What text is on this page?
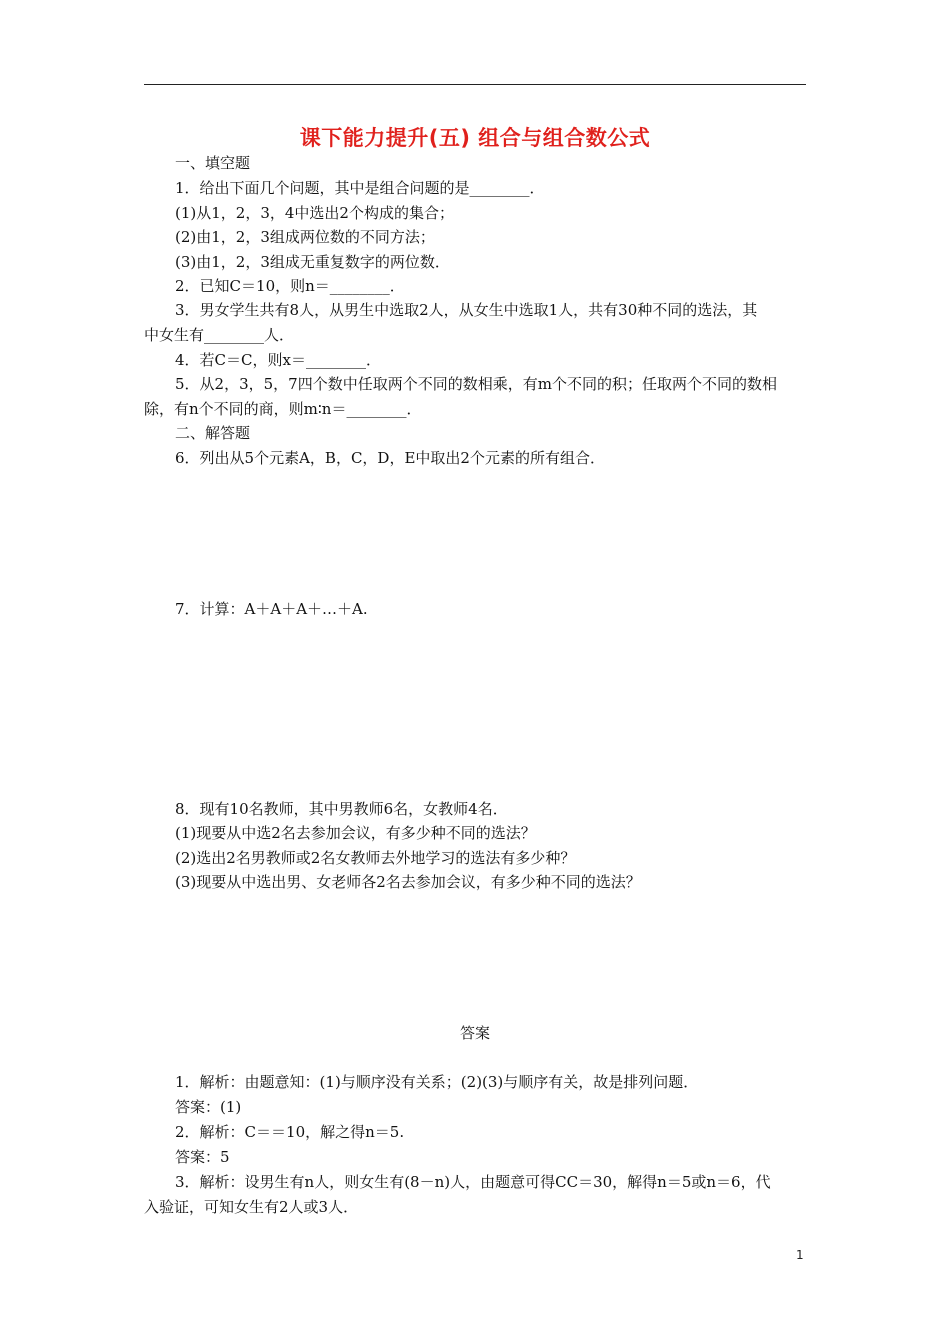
课下能力提升(五) 组合与组合数公式
一、填空题
1．给出下面几个问题，其中是组合问题的是________．
(1)从1，2，3，4中选出2个构成的集合；
(2)由1，2，3组成两位数的不同方法；
(3)由1，2，3组成无重复数字的两位数．
2．已知C＝10，则n＝________．
3．男女学生共有8人，从男生中选取2人，从女生中选取1人，共有30种不同的选法，其
中女生有________人．
4．若C＝C，则x＝________．
5．从2，3，5，7四个数中任取两个不同的数相乘，有m个不同的积；任取两个不同的数相
除，有n个不同的商，则m∶n＝________．
二、解答题
6．列出从5个元素A，B，C，D，E中取出2个元素的所有组合．
7．计算：A＋A＋A＋…＋A.
8．现有10名教师，其中男教师6名，女教师4名．
(1)现要从中选2名去参加会议，有多少种不同的选法？
(2)选出2名男教师或2名女教师去外地学习的选法有多少种？
(3)现要从中选出男、女老师各2名去参加会议，有多少种不同的选法？
答案
1．解析：由题意知：(1)与顺序没有关系；(2)(3)与顺序有关，故是排列问题．
答案：(1)
2．解析：C＝＝10，解之得n＝5.
答案：5
3．解析：设男生有n人，则女生有(8－n)人，由题意可得CC＝30，解得n＝5或n＝6，代
入验证，可知女生有2人或3人．
1
